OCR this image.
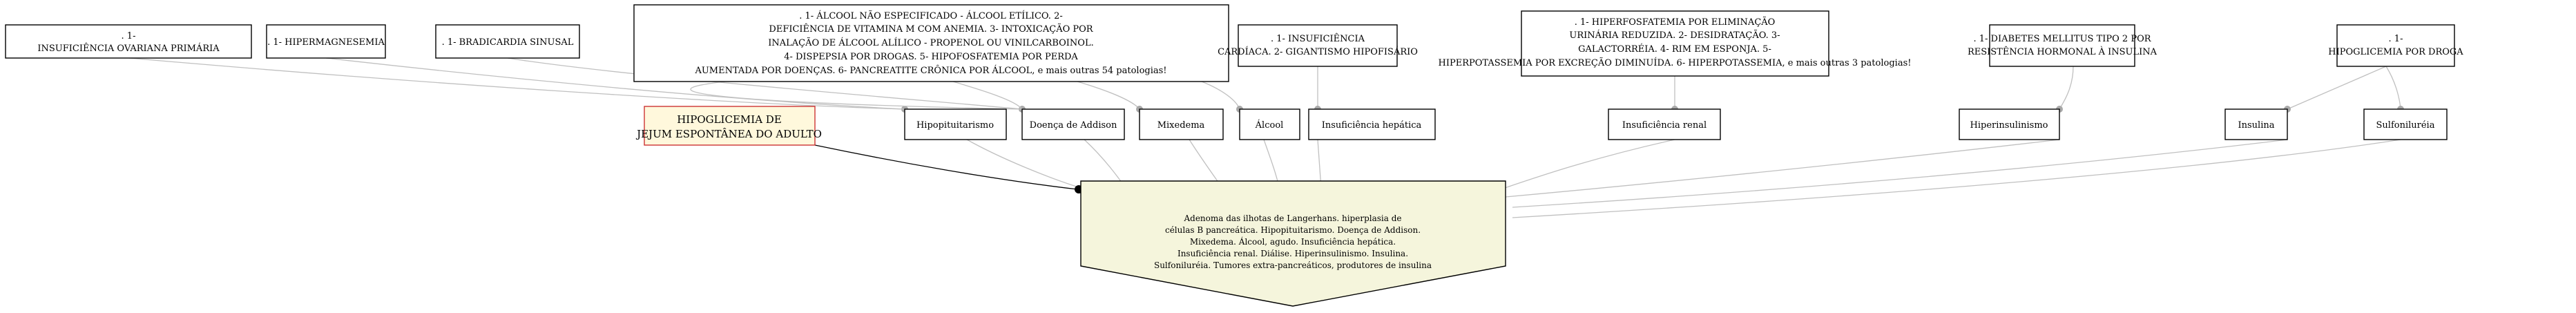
. 1-
INSUFICIÊNCIA OVARIANA PRIMÁRIA
. 1- HIPERMAGNESEMIA	. 1- BRADICARDIA SINUSAL
. 1- ÁLCOOL NÃO ESPECIFICADO - ÁLCOOL ETÍLICO. 2-
DEFICIÊNCIA DE VITAMINA M COM ANEMIA. 3- INTOXICAÇÃO POR
INALAÇÃO DE ÁLCOOL ALÍLICO - PROPENOL OU VINILCARBOINOL.
4- DISPEPSIA POR DROGAS. 5- HIPOFOSFATEMIA POR PERDA
AUMENTADA POR DOENÇAS. 6- PANCREATITE CRÔNICA POR ÁLCOOL, e mais outras 54 patologias!
. 1- INSUFICIÊNCIA
CARDÍACA. 2- GIGANTISMO HIPOFISÁRIO
. 1- HIPERFOSFATEMIA POR ELIMINAÇÃO
URINÁRIA REDUZIDA. 2- DESIDRATAÇÃO. 3-
GALACTORRÉIA. 4- RIM EM ESPONJA. 5-
HIPERPOTASSEMIA POR EXCREÇÃO DIMINUÍDA. 6- HIPERPOTASSEMIA, e mais outras 3 patologias!
. 1- DIABETES MELLITUS TIPO 2 POR
RESISTÊNCIA HORMONAL À INSULINA
. 1-
HIPOGLICEMIA POR DROGA
HIPOGLICEMIA DE
JEJUM ESPONTÂNEA DO ADULTO
Hipopituitarismo	Doença de Addison	Mixedema	Álcool	Insuficiência hepática	Insuficiência renal	Hiperinsulinismo	Insulina	Sulfoniluréia
Adenoma das ilhotas de Langerhans. hiperplasia de
células B pancreática. Hipopituitarismo. Doença de Addison.
Mixedema. Álcool, agudo. Insuficiência hepática.
Insuficiência renal. Diálise. Hiperinsulinismo. Insulina.
Sulfoniluréia. Tumores extra-pancreáticos, produtores de insulina
